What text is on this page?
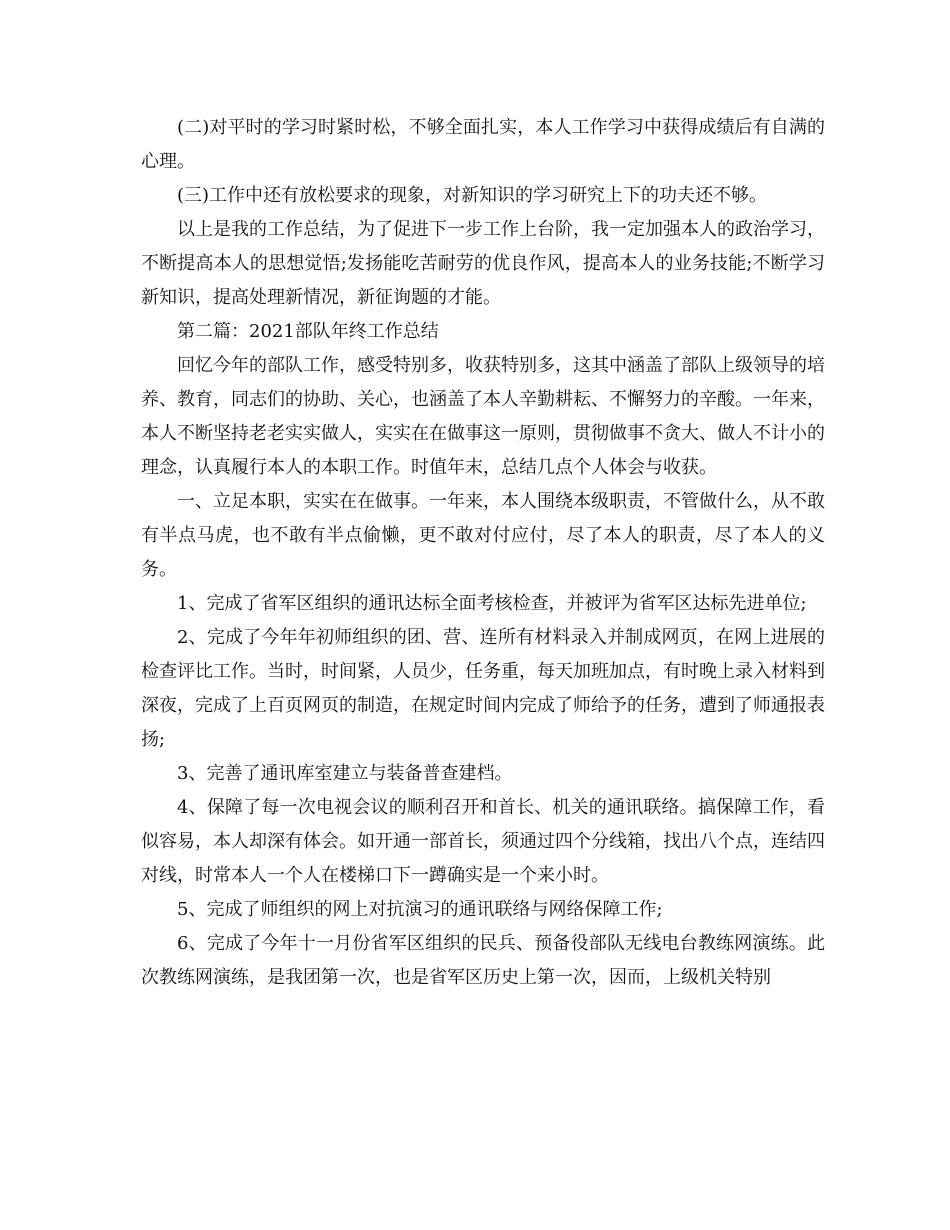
(二)对平时的学习时紧时松，不够全面扎实，本人工作学习中获得成绩后有自满的心理。

(三)工作中还有放松要求的现象，对新知识的学习研究上下的功夫还不够。

以上是我的工作总结，为了促进下一步工作上台阶，我一定加强本人的政治学习，不断提高本人的思想觉悟;发扬能吃苦耐劳的优良作风，提高本人的业务技能;不断学习新知识，提高处理新情况，新征询题的才能。

第二篇：2021部队年终工作总结

回忆今年的部队工作，感受特别多，收获特别多，这其中涵盖了部队上级领导的培养、教育，同志们的协助、关心，也涵盖了本人辛勤耕耘、不懈努力的辛酸。一年来，本人不断坚持老老实实做人，实实在在做事这一原则，贯彻做事不贪大、做人不计小的理念，认真履行本人的本职工作。时值年末，总结几点个人体会与收获。

一、立足本职，实实在在做事。一年来，本人围绕本级职责，不管做什么，从不敢有半点马虎，也不敢有半点偷懒，更不敢对付应付，尽了本人的职责，尽了本人的义务。

1、完成了省军区组织的通讯达标全面考核检查，并被评为省军区达标先进单位;

2、完成了今年年初师组织的团、营、连所有材料录入并制成网页，在网上进展的检查评比工作。当时，时间紧，人员少，任务重，每天加班加点，有时晚上录入材料到深夜，完成了上百页网页的制造，在规定时间内完成了师给予的任务，遭到了师通报表扬;

3、完善了通讯库室建立与装备普查建档。

4、保障了每一次电视会议的顺利召开和首长、机关的通讯联络。搞保障工作，看似容易，本人却深有体会。如开通一部首长，须通过四个分线箱，找出八个点，连结四对线，时常本人一个人在楼梯口下一蹲确实是一个来小时。

5、完成了师组织的网上对抗演习的通讯联络与网络保障工作;

6、完成了今年十一月份省军区组织的民兵、预备役部队无线电台教练网演练。此次教练网演练，是我团第一次，也是省军区历史上第一次，因而，上级机关特别
